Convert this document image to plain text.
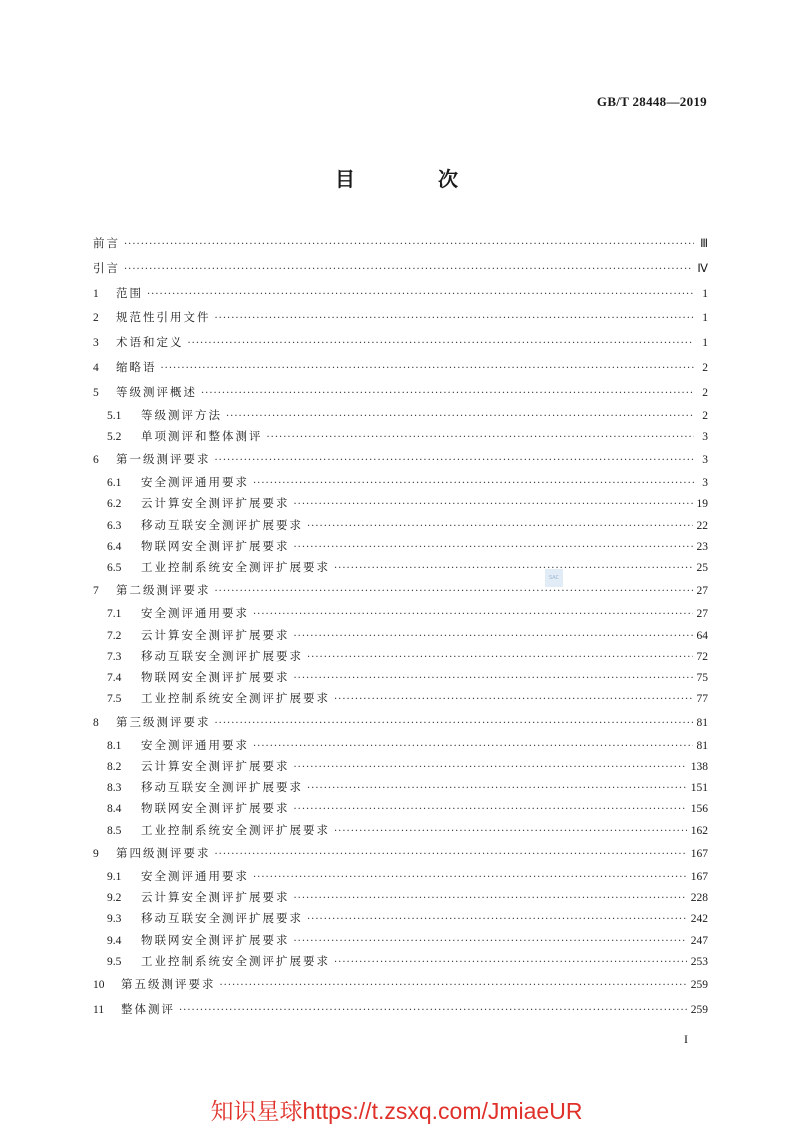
GB/T 28448—2019
目 次
前言 ·····	Ⅲ
引言 ·····	Ⅳ
1	范围 ·····	1
2	规范性引用文件 ·····	1
3	术语和定义 ·····	1
4	缩略语 ·····	2
5	等级测评概述 ·····	2
5.1	等级测评方法 ·····	2
5.2	单项测评和整体测评 ·····	3
6	第一级测评要求 ·····	3
6.1	安全测评通用要求 ·····	3
6.2	云计算安全测评扩展要求 ·····	19
6.3	移动互联安全测评扩展要求 ·····	22
6.4	物联网安全测评扩展要求 ·····	23
6.5	工业控制系统安全测评扩展要求 ·····	25
7	第二级测评要求 ·····	27
7.1	安全测评通用要求 ·····	27
7.2	云计算安全测评扩展要求 ·····	64
7.3	移动互联安全测评扩展要求 ·····	72
7.4	物联网安全测评扩展要求 ·····	75
7.5	工业控制系统安全测评扩展要求 ·····	77
8	第三级测评要求 ·····	81
8.1	安全测评通用要求 ·····	81
8.2	云计算安全测评扩展要求 ·····	138
8.3	移动互联安全测评扩展要求 ·····	151
8.4	物联网安全测评扩展要求 ·····	156
8.5	工业控制系统安全测评扩展要求 ·····	162
9	第四级测评要求 ·····	167
9.1	安全测评通用要求 ·····	167
9.2	云计算安全测评扩展要求 ·····	228
9.3	移动互联安全测评扩展要求 ·····	242
9.4	物联网安全测评扩展要求 ·····	247
9.5	工业控制系统安全测评扩展要求 ·····	253
10	第五级测评要求 ·····	259
11	整体测评 ·····	259
SAC
I
知识星球https://t.zsxq.com/JmiaeUR
